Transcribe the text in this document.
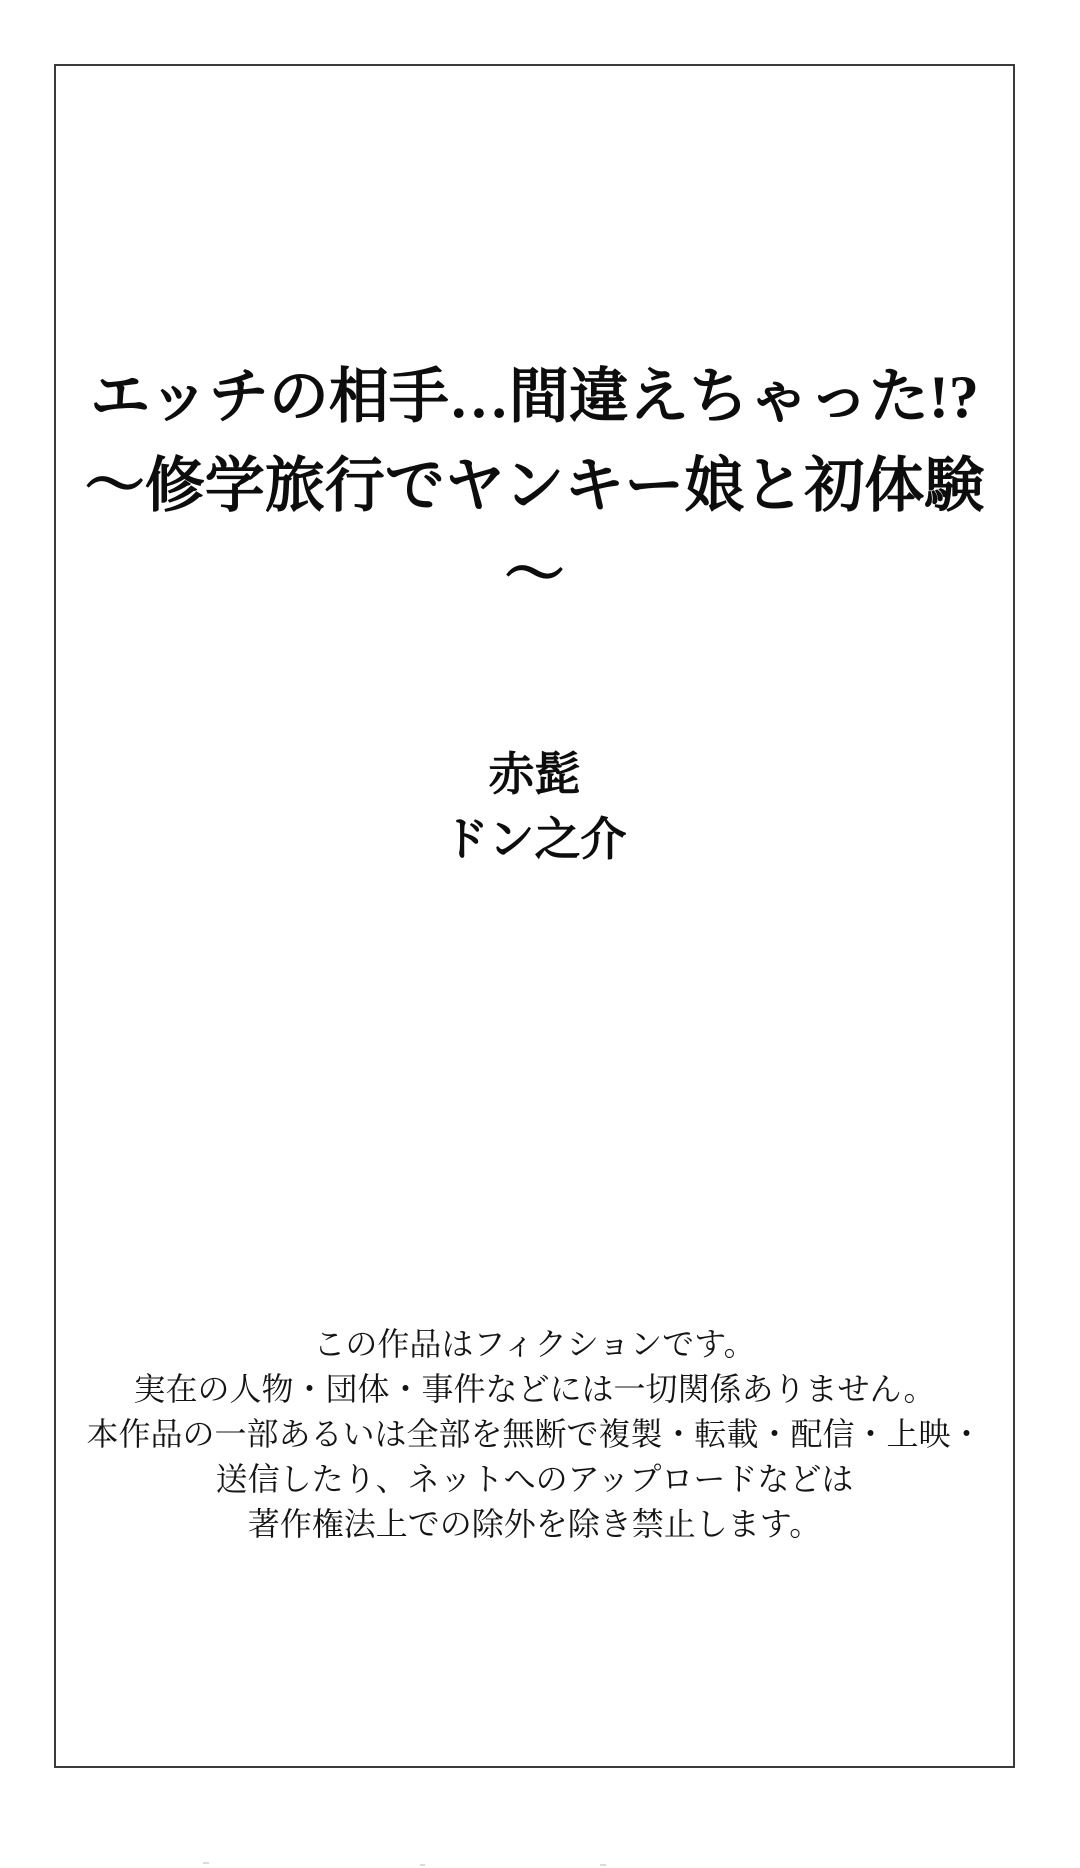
エッチの相手…間違えちゃった!?
～修学旅行でヤンキー娘と初体験～
赤髭
ドン之介
この作品はフィクションです。
実在の人物・団体・事件などには一切関係ありません。
本作品の一部あるいは全部を無断で複製・転載・配信・上映・
送信したり、ネットへのアップロードなどは
著作権法上での除外を除き禁止します。
